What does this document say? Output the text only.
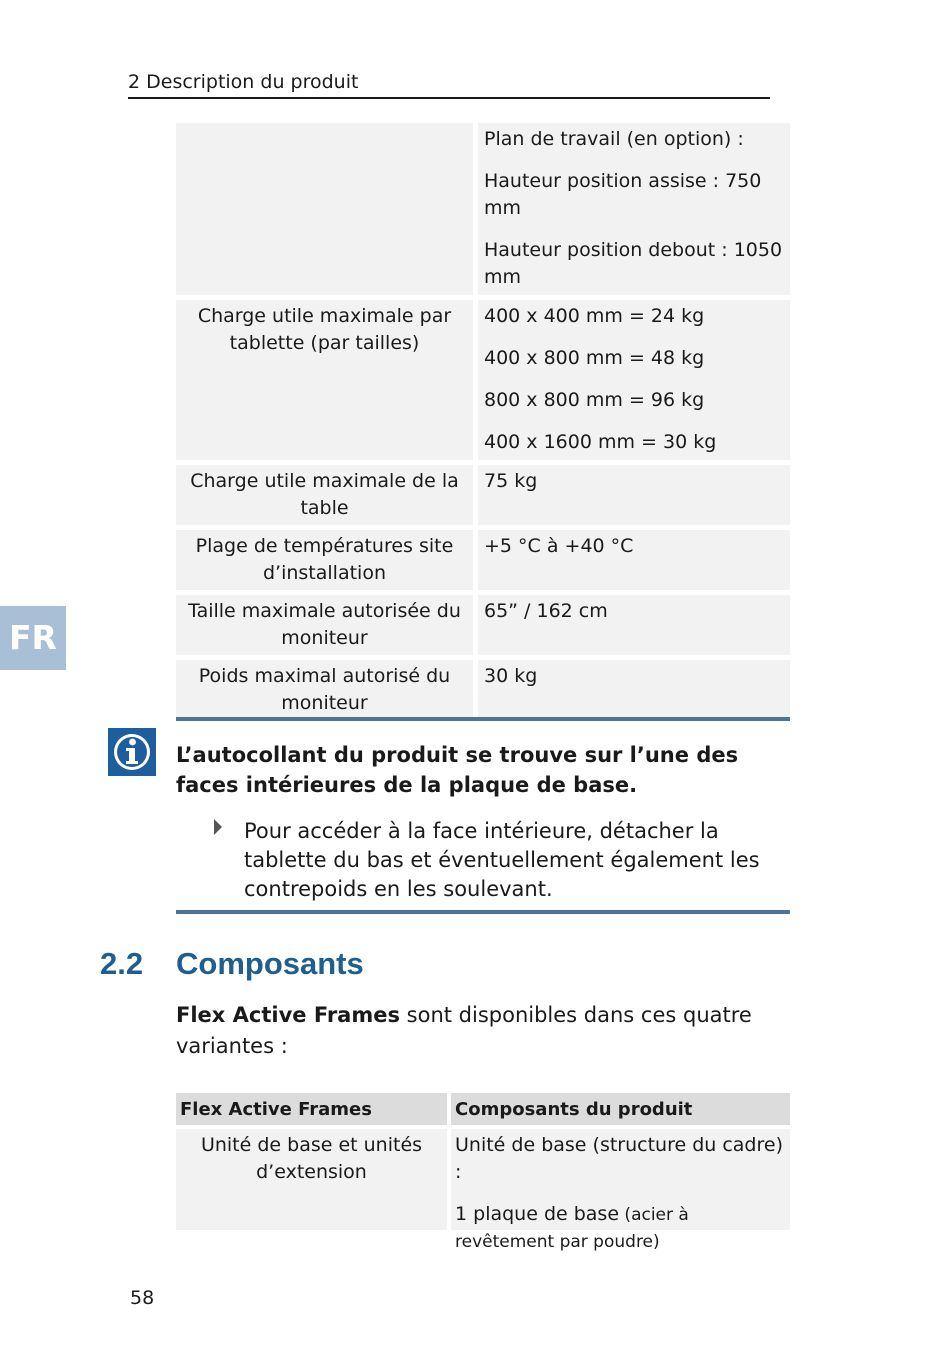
2 Description du produit
Plan de travail (en option) :
Hauteur position assise : 750 mm
Hauteur position debout : 1050 mm
Charge utile maximale par tablette (par tailles)
400 x 400 mm = 24 kg
400 x 800 mm = 48 kg
800 x 800 mm = 96 kg
400 x 1600 mm = 30 kg
Charge utile maximale de la table
75 kg
Plage de températures site d’installation
+5 °C à +40 °C
Taille maximale autorisée du moniteur
65” / 162 cm
Poids maximal autorisé du moniteur
30 kg
FR
L’autocollant du produit se trouve sur l’une des faces intérieures de la plaque de base.
Pour accéder à la face intérieure, détacher la tablette du bas et éventuellement également les contrepoids en les soulevant.
2.2 Composants
Flex Active Frames sont disponibles dans ces quatre variantes :
Flex Active Frames	Composants du produit
Unité de base et unités d’extension
Unité de base (structure du cadre) :
1 plaque de base (acier à revêtement par poudre)
58
